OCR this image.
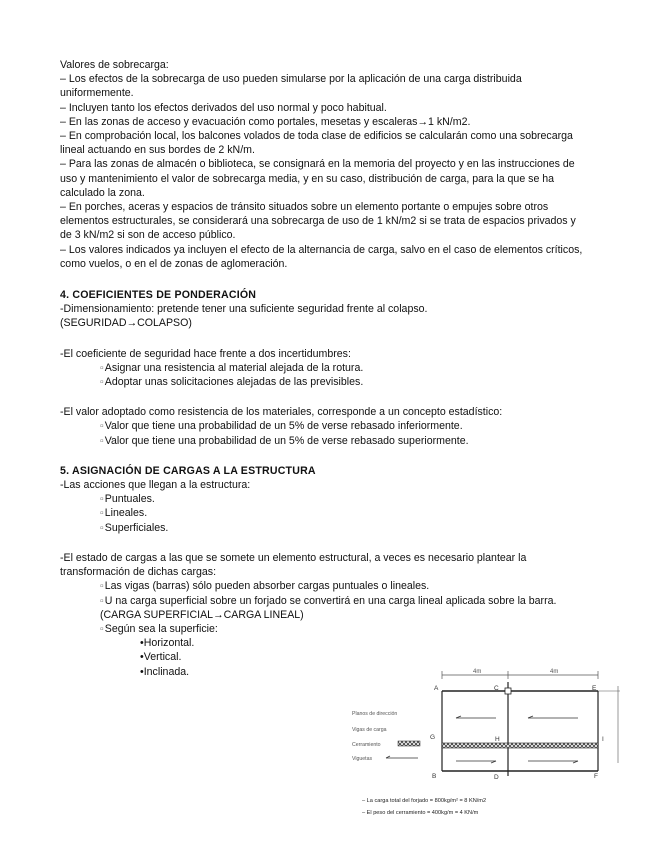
Valores de sobrecarga:

– Los efectos de la sobrecarga de uso pueden simularse por la aplicación de una carga distribuida uniformemente.

– Incluyen tanto los efectos derivados del uso normal y poco habitual.

– En las zonas de acceso y evacuación como portales, mesetas y escaleras→1 kN/m2.

– En comprobación local, los balcones volados de toda clase de edificios se calcularán como una sobrecarga lineal actuando en sus bordes de 2 kN/m.

– Para las zonas de almacén o biblioteca, se consignará en la memoria del proyecto y en las instrucciones de uso y mantenimiento el valor de sobrecarga media, y en su caso, distribución de carga, para la que se ha calculado la zona.

– En porches, aceras y espacios de tránsito situados sobre un elemento portante o empujes sobre otros elementos estructurales, se considerará una sobrecarga de uso de 1 kN/m2 si se trata de espacios privados y de 3 kN/m2 si son de acceso público.

– Los valores indicados ya incluyen el efecto de la alternancia de carga, salvo en el caso de elementos críticos, como vuelos, o en el de zonas de aglomeración.

4. COEFICIENTES DE PONDERACIÓN

-Dimensionamiento: pretende tener una suficiente seguridad frente al colapso.

(SEGURIDAD→COLAPSO)

-El coeficiente de seguridad hace frente a dos incertidumbres:

▫Asignar una resistencia al material alejada de la rotura.

▫Adoptar unas solicitaciones alejadas de las previsibles.

-El valor adoptado como resistencia de los materiales, corresponde a un concepto estadístico:

▫Valor que tiene una probabilidad de un 5% de verse rebasado inferiormente.

▫Valor que tiene una probabilidad de un 5% de verse rebasado superiormente.

5. ASIGNACIÓN DE CARGAS A LA ESTRUCTURA

-Las acciones que llegan a la estructura:

▫Puntuales.

▫Lineales.

▫Superficiales.

-El estado de cargas a las que se somete un elemento estructural, a veces es necesario plantear la transformación de dichas cargas:

▫Las vigas (barras) sólo pueden absorber cargas puntuales o lineales.

▫U na carga superficial sobre un forjado se convertirá en una carga lineal aplicada sobre la barra.

(CARGA SUPERFICIAL→CARGA LINEAL)

▫Según sea la superficie:

•Horizontal.

•Vertical.

•Inclinada.	4m	4m
A	C	E
G	H	I
B	D	F
Planos de dirección
Vigas de carga
Cerramiento
Viguetas
– La carga total del forjado = 800kg/m² = 8 KN/m2
– El peso del cerramiento = 400kg/m = 4 KN/m
